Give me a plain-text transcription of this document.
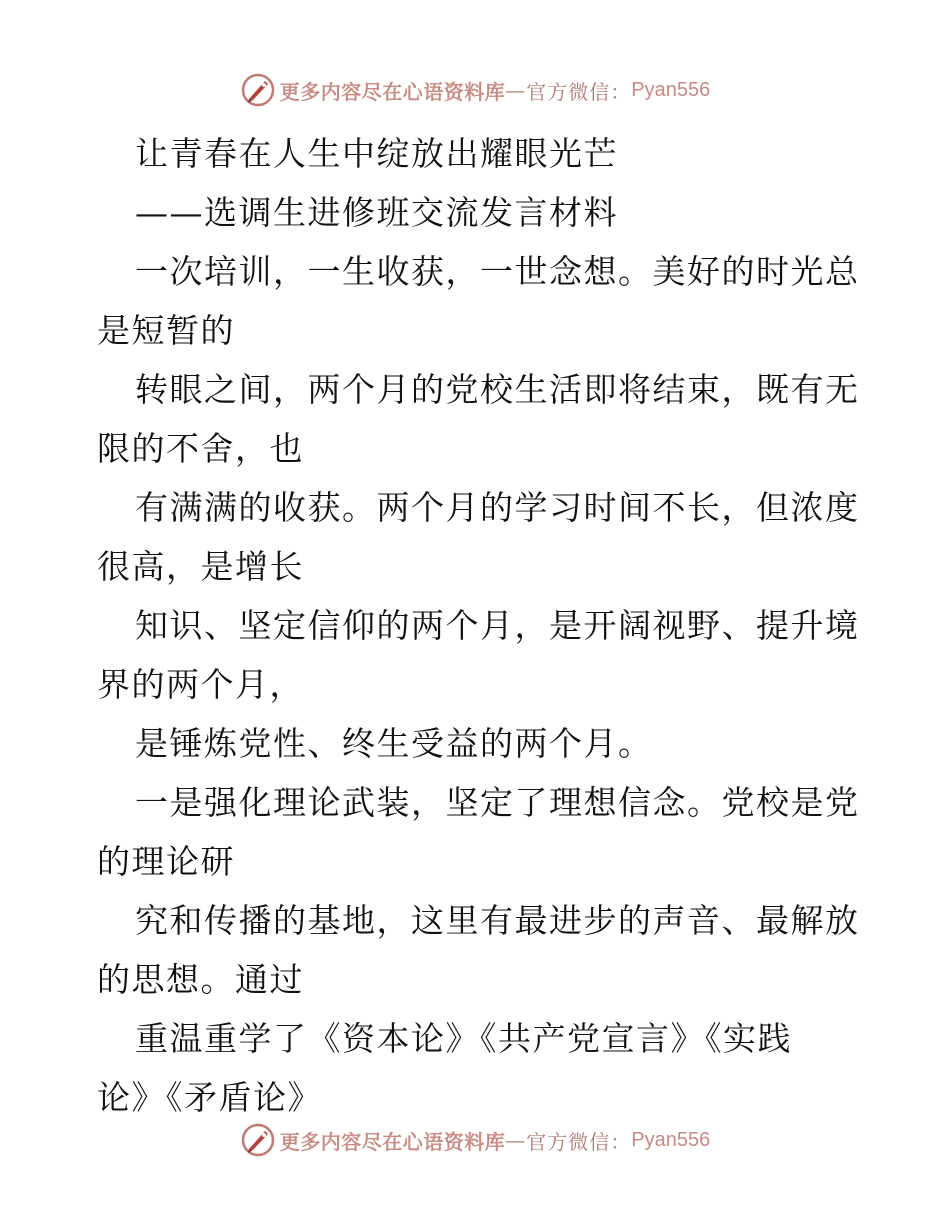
更多内容尽在心语资料库 — 官方微信： Pyan556
让青春在人生中绽放出耀眼光芒
——选调生进修班交流发言材料
一次培训，一生收获，一世念想。美好的时光总
是短暂的
转眼之间，两个月的党校生活即将结束，既有无
限的不舍，也
有满满的收获。两个月的学习时间不长，但浓度
很高，是增长
知识、坚定信仰的两个月，是开阔视野、提升境
界的两个月，
是锤炼党性、终生受益的两个月。
一是强化理论武装，坚定了理想信念。党校是党
的理论研
究和传播的基地，这里有最进步的声音、最解放
的思想。通过
重温重学了《资本论》《共产党宣言》《实践
论》《矛盾论》
更多内容尽在心语资料库 — 官方微信： Pyan556
